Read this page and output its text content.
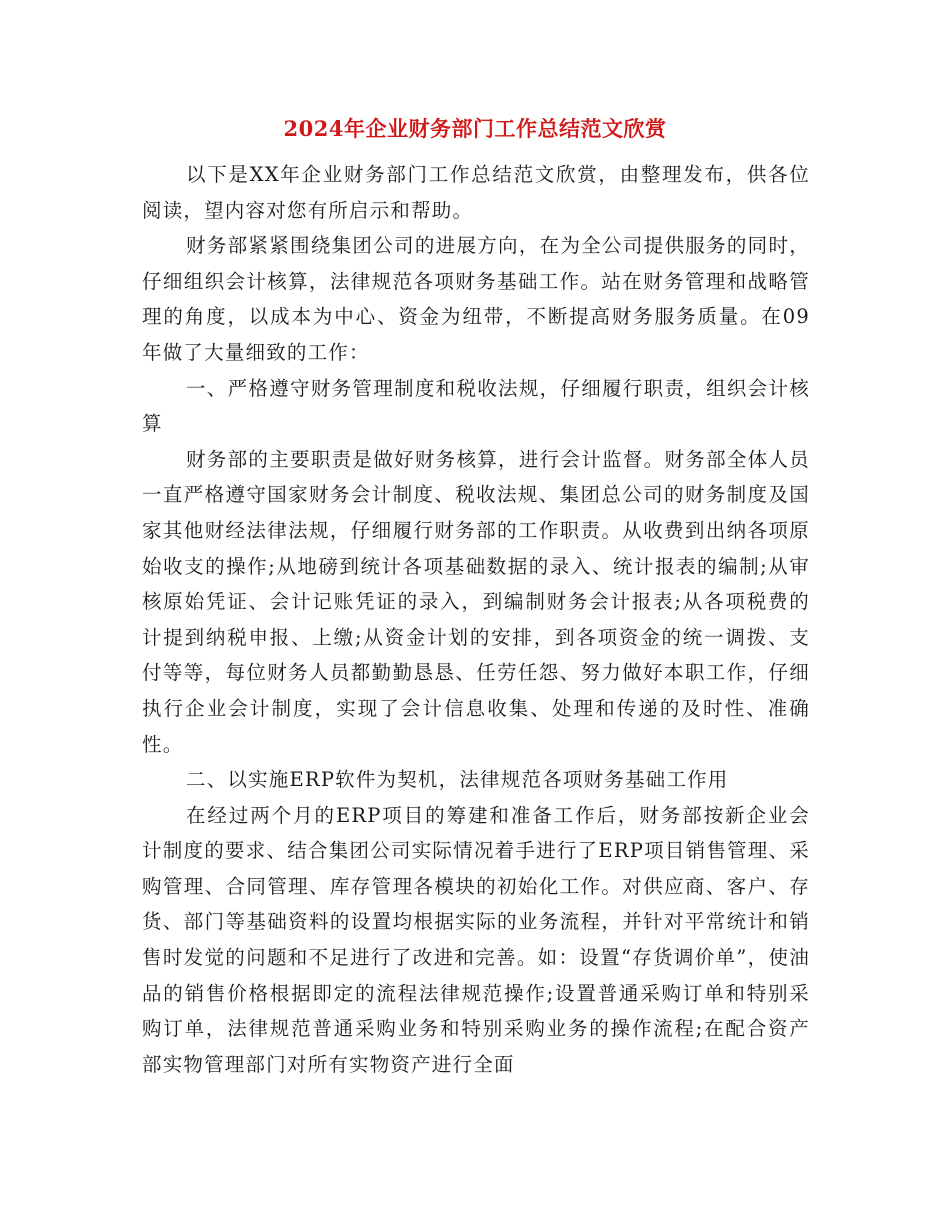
2024年企业财务部门工作总结范文欣赏

以下是XX年企业财务部门工作总结范文欣赏，由整理发布，供各位阅读，望内容对您有所启示和帮助。

财务部紧紧围绕集团公司的进展方向，在为全公司提供服务的同时，仔细组织会计核算，法律规范各项财务基础工作。站在财务管理和战略管理的角度，以成本为中心、资金为纽带，不断提高财务服务质量。在09年做了大量细致的工作：

一、严格遵守财务管理制度和税收法规，仔细履行职责，组织会计核算

财务部的主要职责是做好财务核算，进行会计监督。财务部全体人员一直严格遵守国家财务会计制度、税收法规、集团总公司的财务制度及国家其他财经法律法规，仔细履行财务部的工作职责。从收费到出纳各项原始收支的操作;从地磅到统计各项基础数据的录入、统计报表的编制;从审核原始凭证、会计记账凭证的录入，到编制财务会计报表;从各项税费的计提到纳税申报、上缴;从资金计划的安排，到各项资金的统一调拨、支付等等，每位财务人员都勤勤恳恳、任劳任怨、努力做好本职工作，仔细执行企业会计制度，实现了会计信息收集、处理和传递的及时性、准确性。

二、以实施ERP软件为契机，法律规范各项财务基础工作用

在经过两个月的ERP项目的筹建和准备工作后，财务部按新企业会计制度的要求、结合集团公司实际情况着手进行了ERP项目销售管理、采购管理、合同管理、库存管理各模块的初始化工作。对供应商、客户、存货、部门等基础资料的设置均根据实际的业务流程，并针对平常统计和销售时发觉的问题和不足进行了改进和完善。如：设置“存货调价单”，使油品的销售价格根据即定的流程法律规范操作;设置普通采购订单和特别采购订单，法律规范普通采购业务和特别采购业务的操作流程;在配合资产部实物管理部门对所有实物资产进行全面
